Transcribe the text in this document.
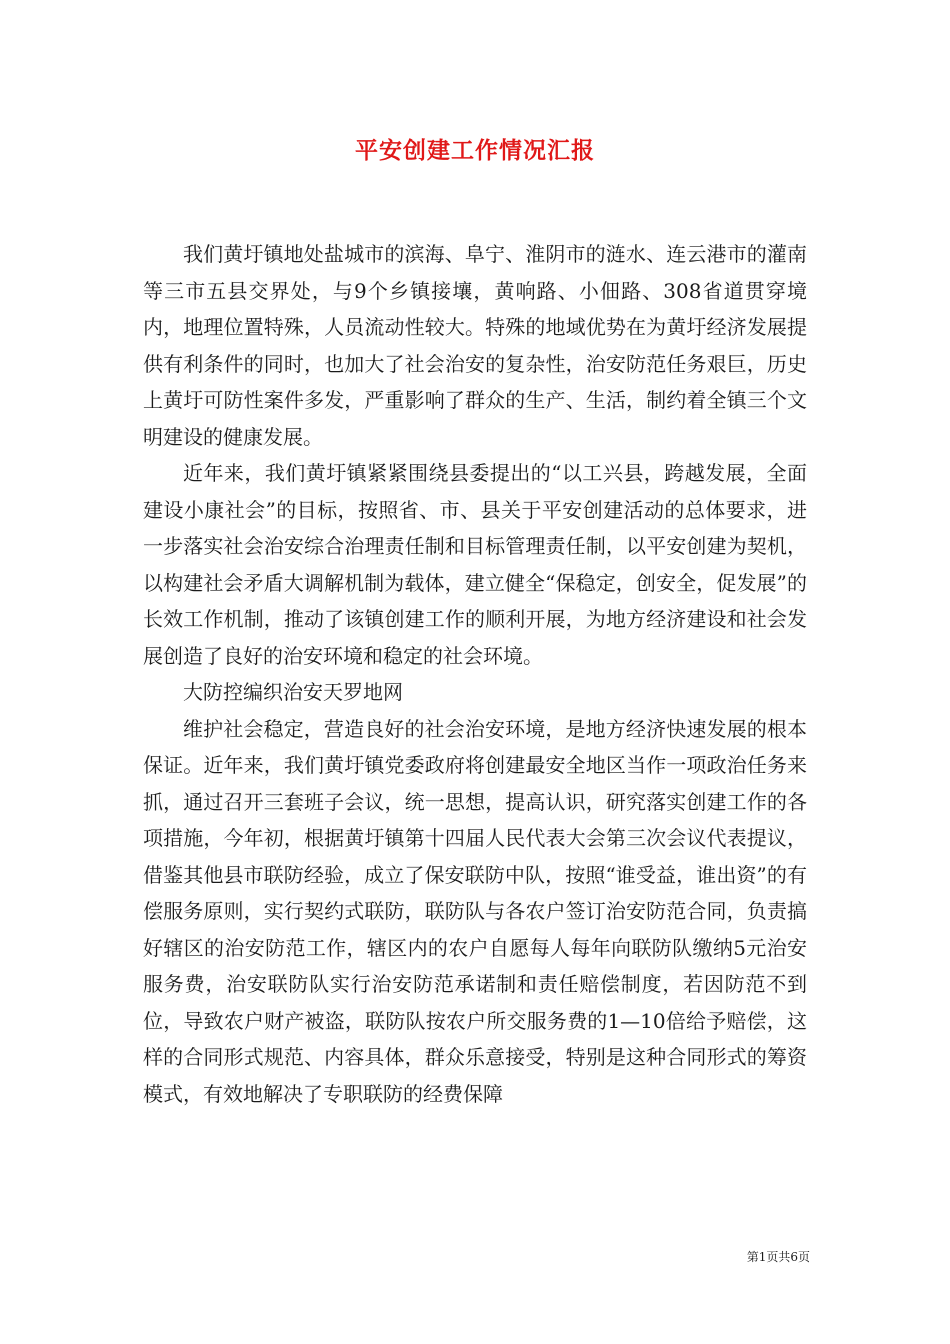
平安创建工作情况汇报

我们黄圩镇地处盐城市的滨海、阜宁、淮阴市的涟水、连云港市的灌南等三市五县交界处，与9个乡镇接壤，黄响路、小佃路、308省道贯穿境内，地理位置特殊，人员流动性较大。特殊的地域优势在为黄圩经济发展提供有利条件的同时，也加大了社会治安的复杂性，治安防范任务艰巨，历史上黄圩可防性案件多发，严重影响了群众的生产、生活，制约着全镇三个文明建设的健康发展。

近年来，我们黄圩镇紧紧围绕县委提出的“以工兴县，跨越发展，全面建设小康社会”的目标，按照省、市、县关于平安创建活动的总体要求，进一步落实社会治安综合治理责任制和目标管理责任制，以平安创建为契机，以构建社会矛盾大调解机制为载体，建立健全“保稳定，创安全，促发展”的长效工作机制，推动了该镇创建工作的顺利开展，为地方经济建设和社会发展创造了良好的治安环境和稳定的社会环境。

大防控编织治安天罗地网

维护社会稳定，营造良好的社会治安环境，是地方经济快速发展的根本保证。近年来，我们黄圩镇党委政府将创建最安全地区当作一项政治任务来抓，通过召开三套班子会议，统一思想，提高认识，研究落实创建工作的各项措施，今年初，根据黄圩镇第十四届人民代表大会第三次会议代表提议，借鉴其他县市联防经验，成立了保安联防中队，按照“谁受益，谁出资”的有偿服务原则，实行契约式联防，联防队与各农户签订治安防范合同，负责搞好辖区的治安防范工作，辖区内的农户自愿每人每年向联防队缴纳5元治安服务费，治安联防队实行治安防范承诺制和责任赔偿制度，若因防范不到位，导致农户财产被盗，联防队按农户所交服务费的1—10倍给予赔偿，这样的合同形式规范、内容具体，群众乐意接受，特别是这种合同形式的筹资模式，有效地解决了专职联防的经费保障

第1页共6页
